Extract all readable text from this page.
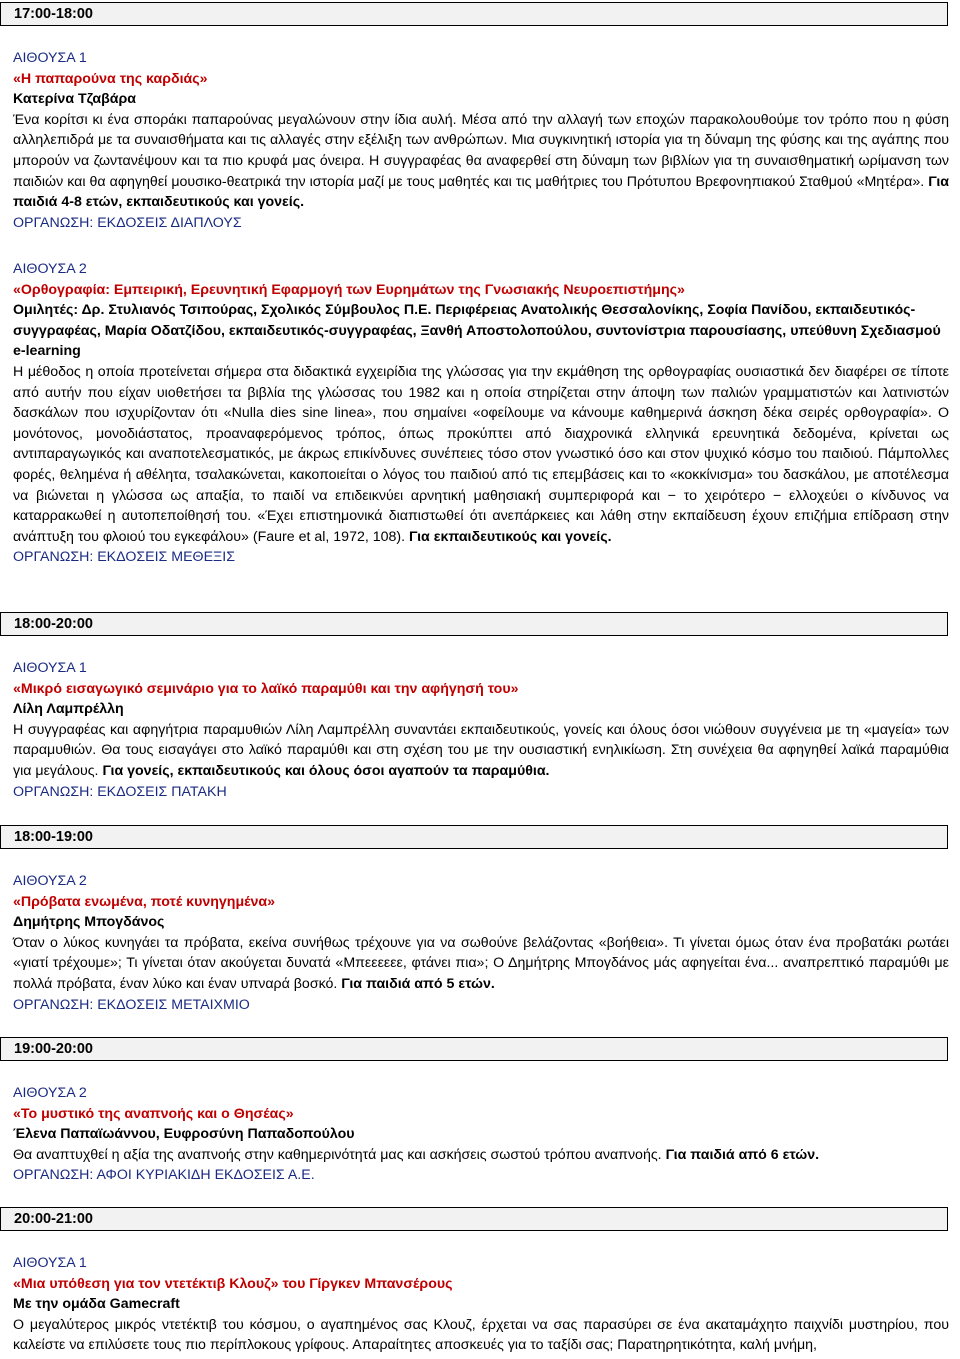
17:00-18:00
ΑΙΘΟΥΣΑ 1
«Η παπαρούνα της καρδιάς»
Κατερίνα Τζαβάρα
Ένα κορίτσι κι ένα σποράκι παπαρούνας μεγαλώνουν στην ίδια αυλή. Μέσα από την αλλαγή των εποχών παρακολουθούμε τον τρόπο που η φύση αλληλεπιδρά με τα συναισθήματα και τις αλλαγές στην εξέλιξη των ανθρώπων. Μια συγκινητική ιστορία για τη δύναμη της φύσης και της αγάπης που μπορούν να ζωντανέψουν και τα πιο κρυφά μας όνειρα. Η συγγραφέας θα αναφερθεί στη δύναμη των βιβλίων για τη συναισθηματική ωρίμανση των παιδιών και θα αφηγηθεί μουσικο-θεατρικά την ιστορία μαζί με τους μαθητές και τις μαθήτριες του Πρότυπου Βρεφονηπιακού Σταθμού «Μητέρα». Για παιδιά 4-8 ετών, εκπαιδευτικούς και γονείς.
ΟΡΓΑΝΩΣΗ: ΕΚΔΟΣΕΙΣ ΔΙΑΠΛΟΥΣ
ΑΙΘΟΥΣΑ 2
«Ορθογραφία: Εμπειρική, Ερευνητική Εφαρμογή των Ευρημάτων της Γνωσιακής Νευροεπιστήμης»
Ομιλητές: Δρ. Στυλιανός Τσιπούρας, Σχολικός Σύμβουλος Π.Ε. Περιφέρειας Ανατολικής Θεσσαλονίκης, Σοφία Πανίδου, εκπαιδευτικός-συγγραφέας, Μαρία Οδατζίδου, εκπαιδευτικός-συγγραφέας, Ξανθή Αποστολοπούλου, συντονίστρια παρουσίασης, υπεύθυνη Σχεδιασμού e-learning
Η μέθοδος η οποία προτείνεται σήμερα στα διδακτικά εγχειρίδια της γλώσσας για την εκμάθηση της ορθογραφίας ουσιαστικά δεν διαφέρει σε τίποτε από αυτήν που είχαν υιοθετήσει τα βιβλία της γλώσσας του 1982 και η οποία στηρίζεται στην άποψη των παλιών γραμματιστών και λατινιστών δασκάλων που ισχυρίζονταν ότι «Nulla dies sine linea», που σημαίνει «οφείλουμε να κάνουμε καθημερινά άσκηση δέκα σειρές ορθογραφία». Ο μονότονος, μονοδιάστατος, προαναφερόμενος τρόπος, όπως προκύπτει από διαχρονικά ελληνικά ερευνητικά δεδομένα, κρίνεται ως αντιπαραγωγικός και αναποτελεσματικός, με άκρως επικίνδυνες συνέπειες τόσο στον γνωστικό όσο και στον ψυχικό κόσμο του παιδιού. Πάμπολλες φορές, θελημένα ή αθέλητα, τσαλακώνεται, κακοποιείται ο λόγος του παιδιού από τις επεμβάσεις και το «κοκκίνισμα» του δασκάλου, με αποτέλεσμα να βιώνεται η γλώσσα ως απαξία, το παιδί να επιδεικνύει αρνητική μαθησιακή συμπεριφορά και − το χειρότερο − ελλοχεύει ο κίνδυνος να καταρρακωθεί η αυτοπεποίθησή του. «Έχει επιστημονικά διαπιστωθεί ότι ανεπάρκειες και λάθη στην εκπαίδευση έχουν επιζήμια επίδραση στην ανάπτυξη του φλοιού του εγκεφάλου» (Faure et al, 1972, 108). Για εκπαιδευτικούς και γονείς.
ΟΡΓΑΝΩΣΗ: ΕΚΔΟΣΕΙΣ ΜΕΘΕΞΙΣ
18:00-20:00
ΑΙΘΟΥΣΑ 1
«Μικρό εισαγωγικό σεμινάριο για το λαϊκό παραμύθι και την αφήγησή του»
Λίλη Λαμπρέλλη
Η συγγραφέας και αφηγήτρια παραμυθιών Λίλη Λαμπρέλλη συναντάει εκπαιδευτικούς, γονείς και όλους όσοι νιώθουν συγγένεια με τη «μαγεία» των παραμυθιών. Θα τους εισαγάγει στο λαϊκό παραμύθι και στη σχέση του με την ουσιαστική ενηλικίωση. Στη συνέχεια θα αφηγηθεί λαϊκά παραμύθια για μεγάλους. Για γονείς, εκπαιδευτικούς και όλους όσοι αγαπούν τα παραμύθια.
ΟΡΓΑΝΩΣΗ: ΕΚΔΟΣΕΙΣ ΠΑΤΑΚΗ
18:00-19:00
ΑΙΘΟΥΣΑ 2
«Πρόβατα ενωμένα, ποτέ κυνηγημένα»
Δημήτρης Μπογδάνος
Όταν ο λύκος κυνηγάει τα πρόβατα, εκείνα συνήθως τρέχουνε για να σωθούνε βελάζοντας «βοήθεια». Τι γίνεται όμως όταν ένα προβατάκι ρωτάει «γιατί τρέχουμε»; Τι γίνεται όταν ακούγεται δυνατά «Μπεεεεεε, φτάνει πια»; Ο Δημήτρης Μπογδάνος μάς αφηγείται ένα... αναπρεπτικό παραμύθι με πολλά πρόβατα, έναν λύκο και έναν υπναρά βοσκό. Για παιδιά από 5 ετών.
ΟΡΓΑΝΩΣΗ: ΕΚΔΟΣΕΙΣ ΜΕΤΑΙΧΜΙΟ
19:00-20:00
ΑΙΘΟΥΣΑ 2
«Το μυστικό της αναπνοής και ο Θησέας»
Έλενα Παπαϊωάννου, Ευφροσύνη Παπαδοπούλου
Θα αναπτυχθεί η αξία της αναπνοής στην καθημερινότητά μας και ασκήσεις σωστού τρόπου αναπνοής. Για παιδιά από 6 ετών.
ΟΡΓΑΝΩΣΗ: ΑΦΟΙ ΚΥΡΙΑΚΙΔΗ ΕΚΔΟΣΕΙΣ Α.Ε.
20:00-21:00
ΑΙΘΟΥΣΑ 1
«Μια υπόθεση για τον ντετέκτιβ Κλουζ» του Γίργκεν Μπανσέρους
Με την ομάδα Gamecraft
Ο μεγαλύτερος μικρός ντετέκτιβ του κόσμου, ο αγαπημένος σας Κλουζ, έρχεται να σας παρασύρει σε ένα ακαταμάχητο παιχνίδι μυστηρίου, που καλείστε να επιλύσετε τους πιο περίπλοκους γρίφους. Απαραίτητες αποσκευές για το ταξίδι σας; Παρατηρητικότητα, καλή μνήμη,
